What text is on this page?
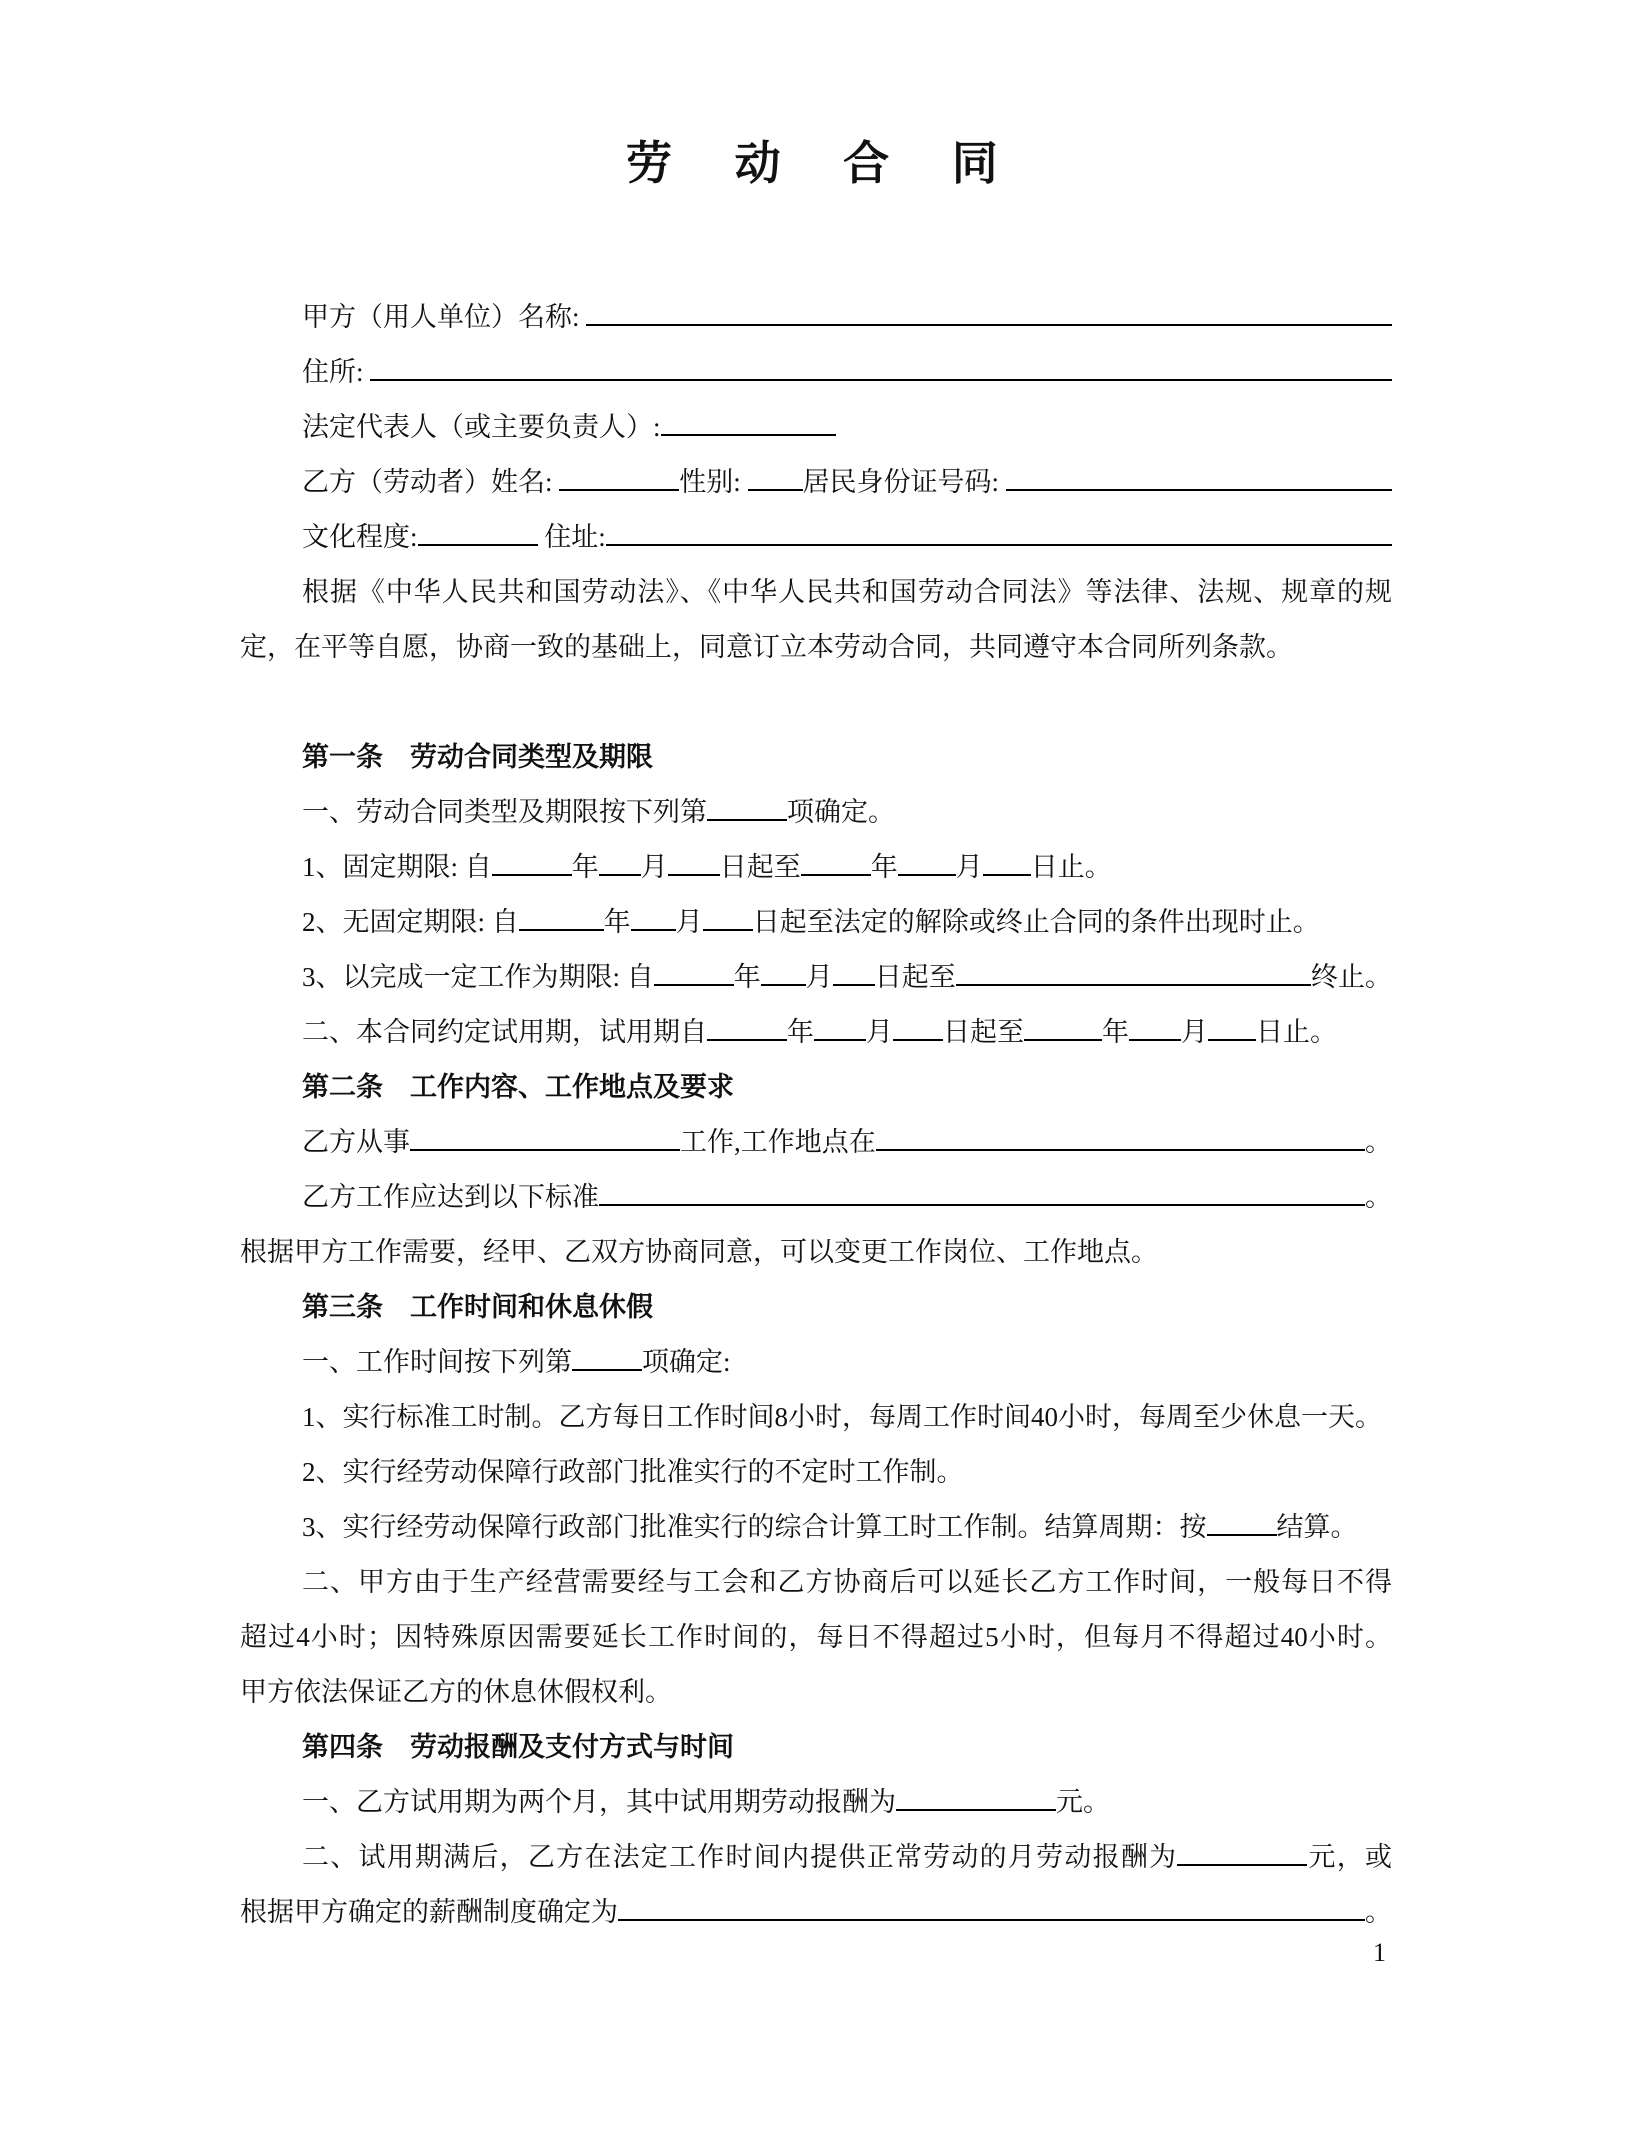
劳　动　合　同
甲方（用人单位）名称:
住所:
法定代表人（或主要负责人）:
乙方（劳动者）姓名:	性别: 居民身份证号码:
文化程度:	住址:
根据《中华人民共和国劳动法》、《中华人民共和国劳动合同法》等法律、法规、规章的规
定，在平等自愿，协商一致的基础上，同意订立本劳动合同，共同遵守本合同所列条款。
第一条　劳动合同类型及期限
一、劳动合同类型及期限按下列第	项确定。
1、固定期限: 自	年 月 日起至	年 月 日止。
2、无固定期限: 自	年 月 日起至法定的解除或终止合同的条件出现时止。
3、以完成一定工作为期限: 自	年 月 日起至	终止。
二、本合同约定试用期，试用期自	年 月 日起至	年 月 日止。
第二条　工作内容、工作地点及要求
乙方从事	工作,工作地点在	。
乙方工作应达到以下标准	。
根据甲方工作需要，经甲、乙双方协商同意，可以变更工作岗位、工作地点。
第三条　工作时间和休息休假
一、工作时间按下列第	项确定:
1、实行标准工时制。乙方每日工作时间8小时，每周工作时间40小时，每周至少休息一天。
2、实行经劳动保障行政部门批准实行的不定时工作制。
3、实行经劳动保障行政部门批准实行的综合计算工时工作制。结算周期：按	结算。
二、甲方由于生产经营需要经与工会和乙方协商后可以延长乙方工作时间，一般每日不得
超过4小时；因特殊原因需要延长工作时间的，每日不得超过5小时，但每月不得超过40小时。
甲方依法保证乙方的休息休假权利。
第四条　劳动报酬及支付方式与时间
一、乙方试用期为两个月，其中试用期劳动报酬为	元。
二、试用期满后，乙方在法定工作时间内提供正常劳动的月劳动报酬为	元，或
根据甲方确定的薪酬制度确定为	。
1
